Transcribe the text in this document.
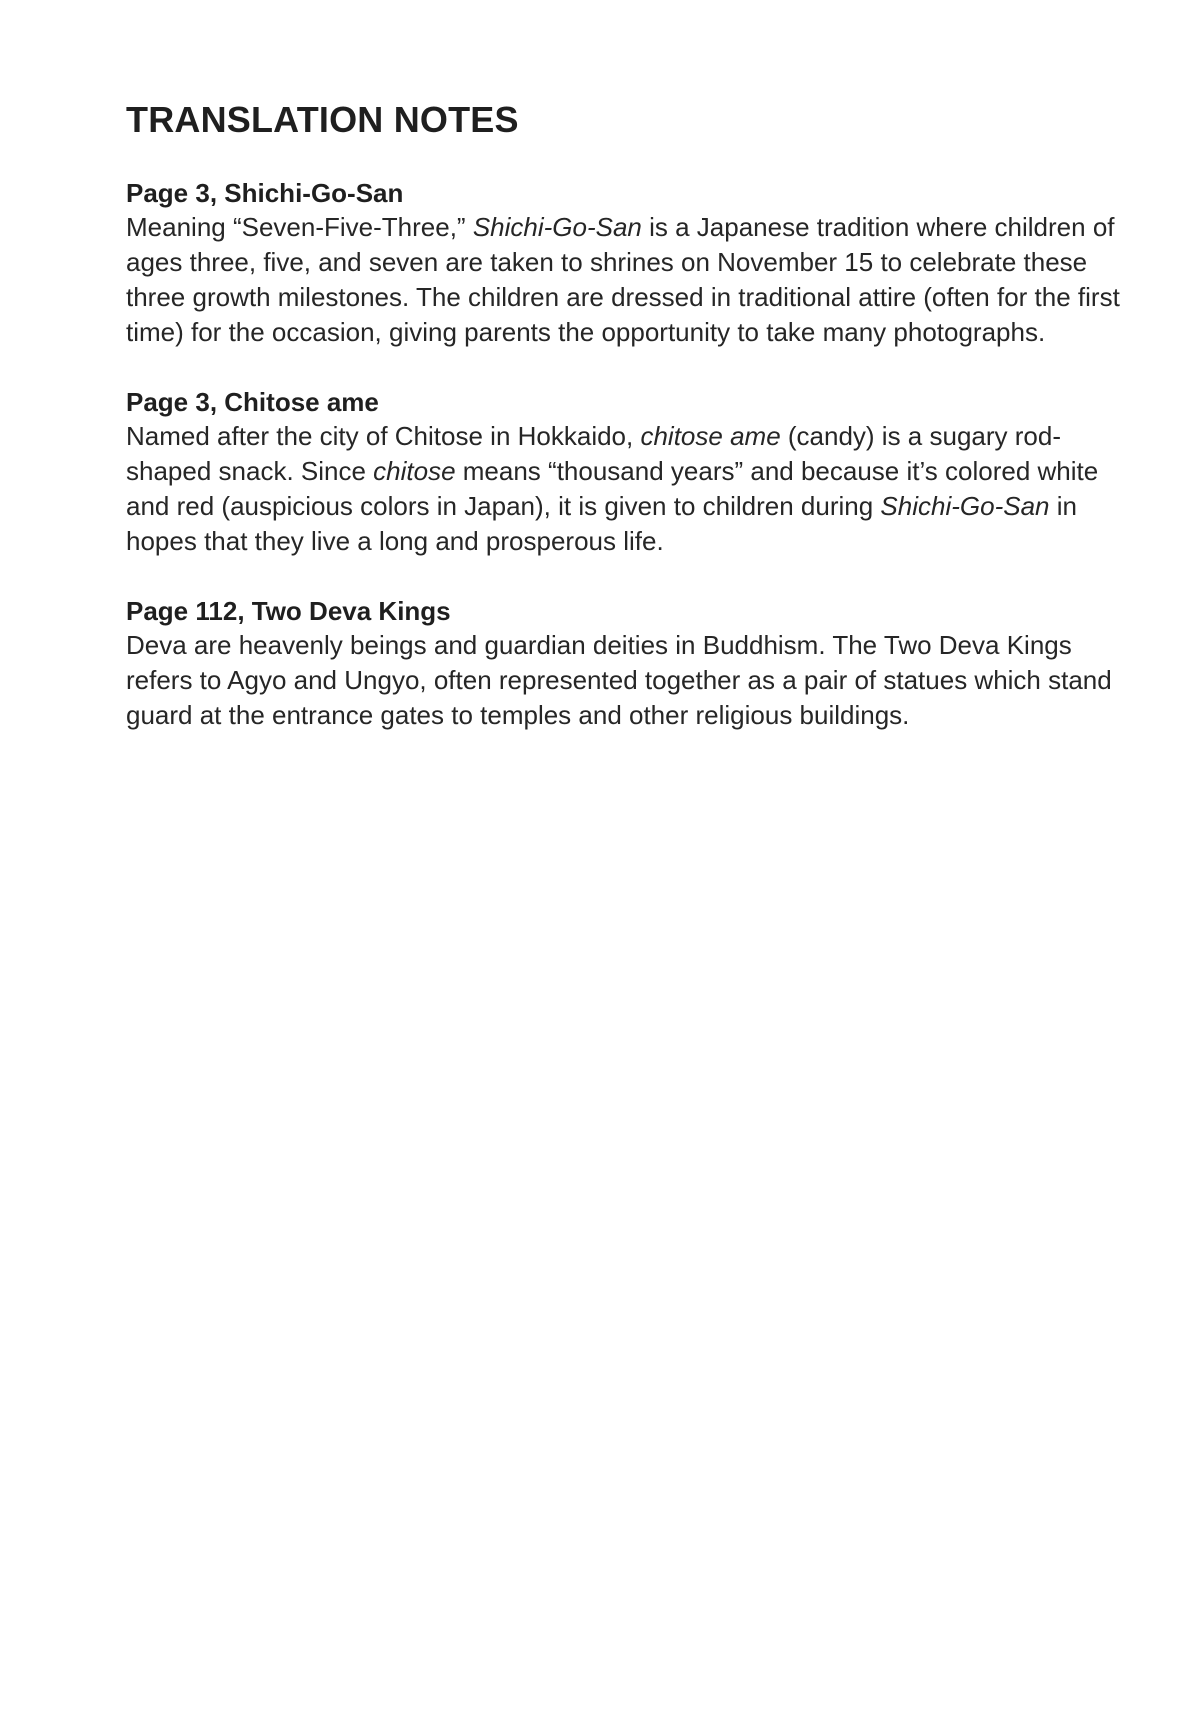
TRANSLATION NOTES
Page 3, Shichi-Go-San

Meaning “Seven-Five-Three,” Shichi-Go-San is a Japanese tradition where children of ages three, five, and seven are taken to shrines on November 15 to celebrate these three growth milestones. The children are dressed in traditional attire (often for the first time) for the occasion, giving parents the opportunity to take many photographs.

Page 3, Chitose ame

Named after the city of Chitose in Hokkaido, chitose ame (candy) is a sugary rod-shaped snack. Since chitose means “thousand years” and because it’s colored white and red (auspicious colors in Japan), it is given to children during Shichi-Go-San in hopes that they live a long and prosperous life.

Page 112, Two Deva Kings

Deva are heavenly beings and guardian deities in Buddhism. The Two Deva Kings refers to Agyo and Ungyo, often represented together as a pair of statues which stand guard at the entrance gates to temples and other religious buildings.
